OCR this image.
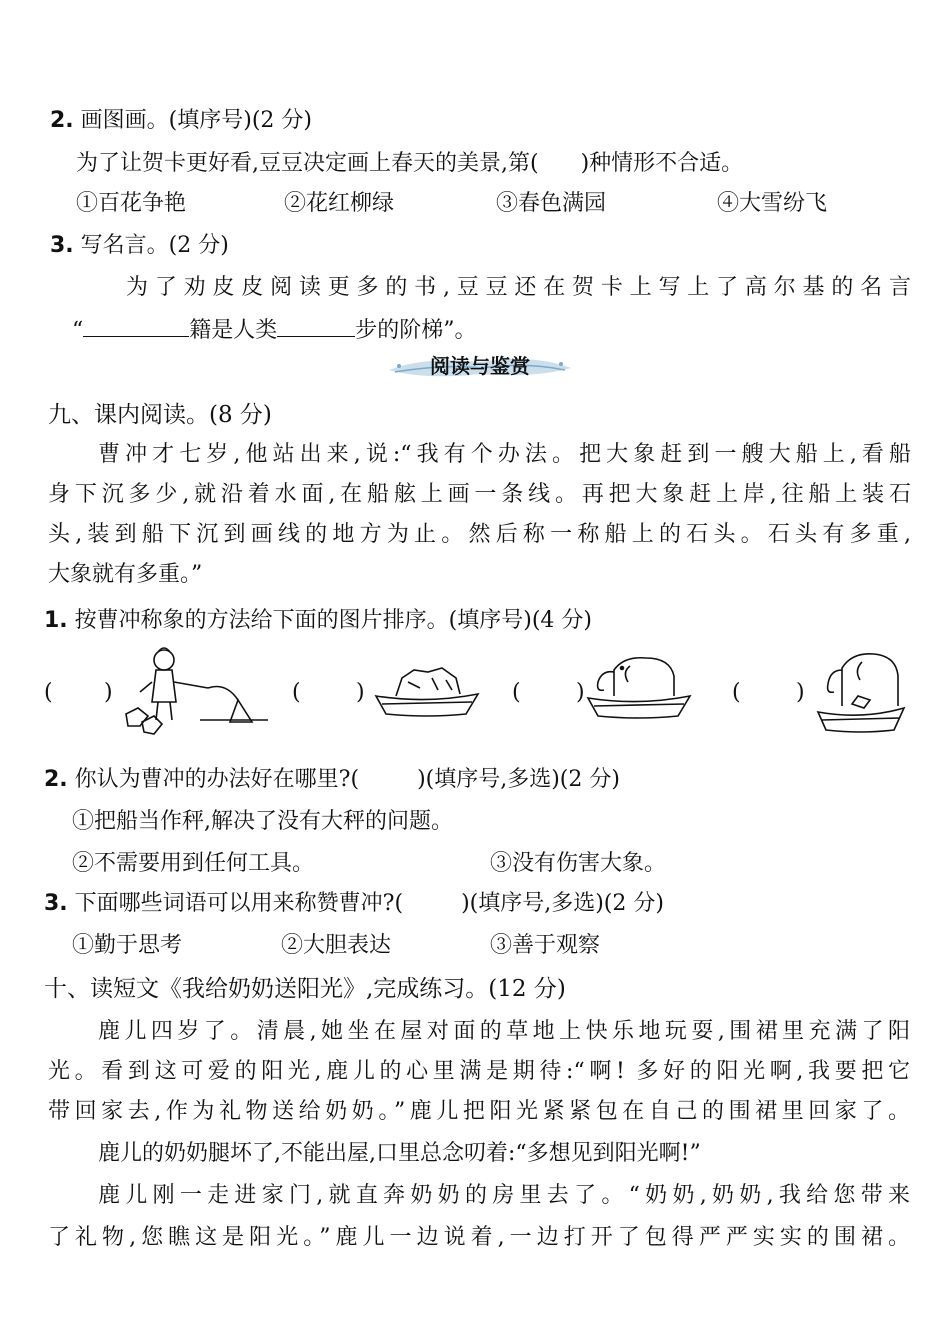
2. 画图画。(填序号)(2 分)
为了让贺卡更好看,豆豆决定画上春天的美景,第( )种情形不合适。
①百花争艳	②花红柳绿	③春色满园	④大雪纷飞
3. 写名言。(2 分)
为了劝皮皮阅读更多的书,豆豆还在贺卡上写上了高尔基的名言
“	籍是人类	步的阶梯”。
阅读与鉴赏
九、课内阅读。(8 分)
曹冲才七岁,他站出来,说:“我有个办法。把大象赶到一艘大船上,看船
身下沉多少,就沿着水面,在船舷上画一条线。再把大象赶上岸,往船上装石
头,装到船下沉到画线的地方为止。然后称一称船上的石头。石头有多重,
大象就有多重。”
1. 按曹冲称象的方法给下面的图片排序。(填序号)(4 分)
( )	(	)	(	)	(	)
2. 你认为曹冲的办法好在哪里?(	)(填序号,多选)(2 分)
①把船当作秤,解决了没有大秤的问题。
②不需要用到任何工具。	③没有伤害大象。
3. 下面哪些词语可以用来称赞曹冲?(	)(填序号,多选)(2 分)
①勤于思考	②大胆表达	③善于观察
十、读短文《我给奶奶送阳光》,完成练习。(12 分)
鹿儿四岁了。清晨,她坐在屋对面的草地上快乐地玩耍,围裙里充满了阳
光。看到这可爱的阳光,鹿儿的心里满是期待:“啊! 多好的阳光啊,我要把它
带回家去,作为礼物送给奶奶。”鹿儿把阳光紧紧包在自己的围裙里回家了。
鹿儿的奶奶腿坏了,不能出屋,口里总念叨着:“多想见到阳光啊!”
鹿儿刚一走进家门,就直奔奶奶的房里去了。“奶奶,奶奶,我给您带来
了礼物,您瞧这是阳光。”鹿儿一边说着,一边打开了包得严严实实的围裙。
